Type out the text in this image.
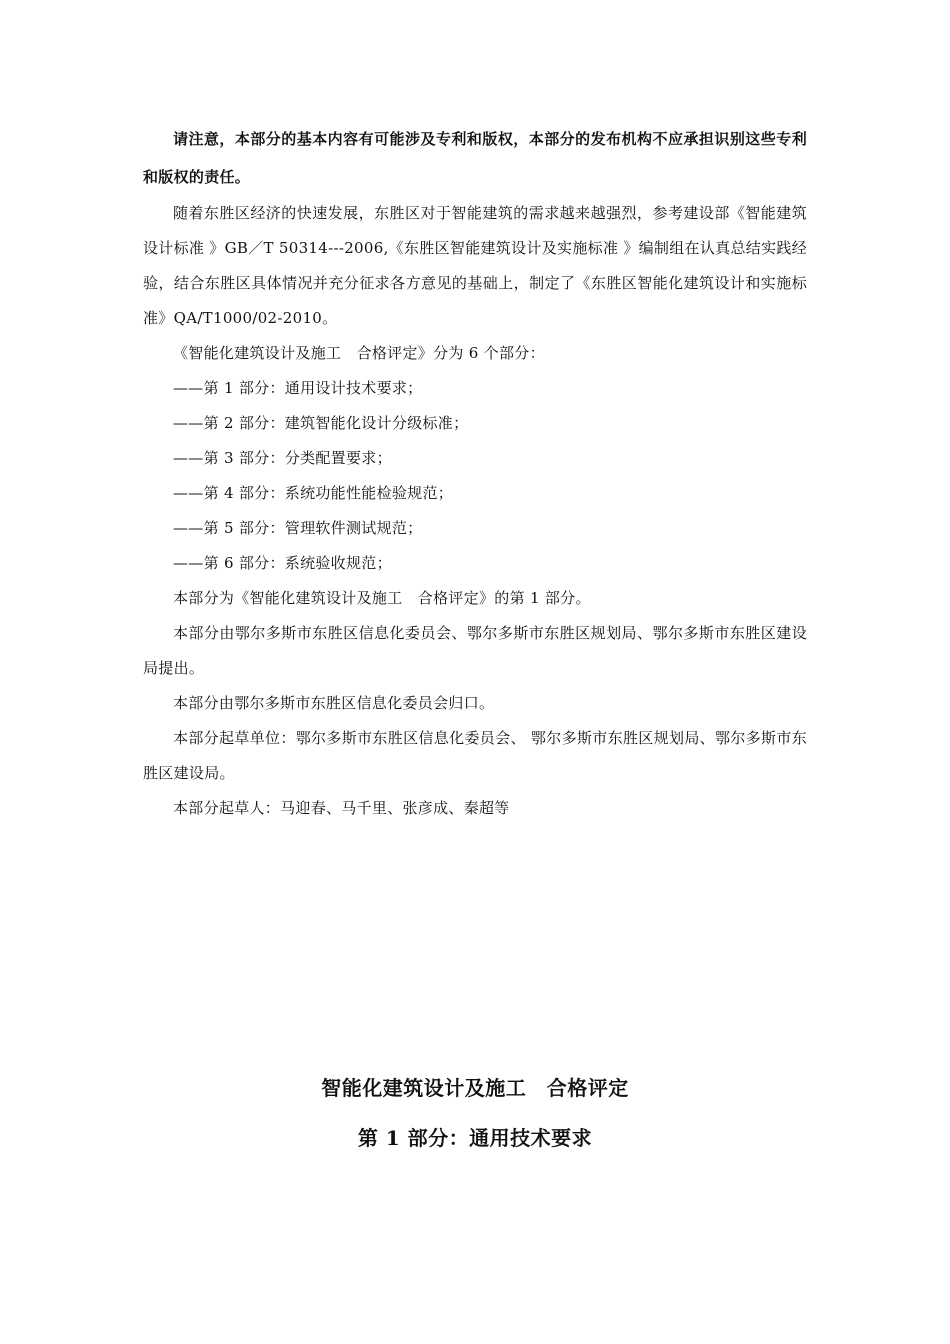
请注意，本部分的基本内容有可能涉及专利和版权，本部分的发布机构不应承担识别这些专利和版权的责任。

随着东胜区经济的快速发展，东胜区对于智能建筑的需求越来越强烈，参考建设部《智能建筑设计标准 》GB／T 50314---2006,《东胜区智能建筑设计及实施标准 》编制组在认真总结实践经验，结合东胜区具体情况并充分征求各方意见的基础上，制定了《东胜区智能化建筑设计和实施标准》QA/T1000/02-2010。

《智能化建筑设计及施工　合格评定》分为 6 个部分：

——第 1 部分：通用设计技术要求；

——第 2 部分：建筑智能化设计分级标准；

——第 3 部分：分类配置要求；

——第 4 部分：系统功能性能检验规范；

——第 5 部分：管理软件测试规范；

——第 6 部分：系统验收规范；

本部分为《智能化建筑设计及施工　合格评定》的第 1 部分。

本部分由鄂尔多斯市东胜区信息化委员会、鄂尔多斯市东胜区规划局、鄂尔多斯市东胜区建设局提出。

本部分由鄂尔多斯市东胜区信息化委员会归口。

本部分起草单位：鄂尔多斯市东胜区信息化委员会、 鄂尔多斯市东胜区规划局、鄂尔多斯市东胜区建设局。

本部分起草人：马迎春、马千里、张彦成、秦超等

智能化建筑设计及施工　合格评定
第 1 部分：通用技术要求
